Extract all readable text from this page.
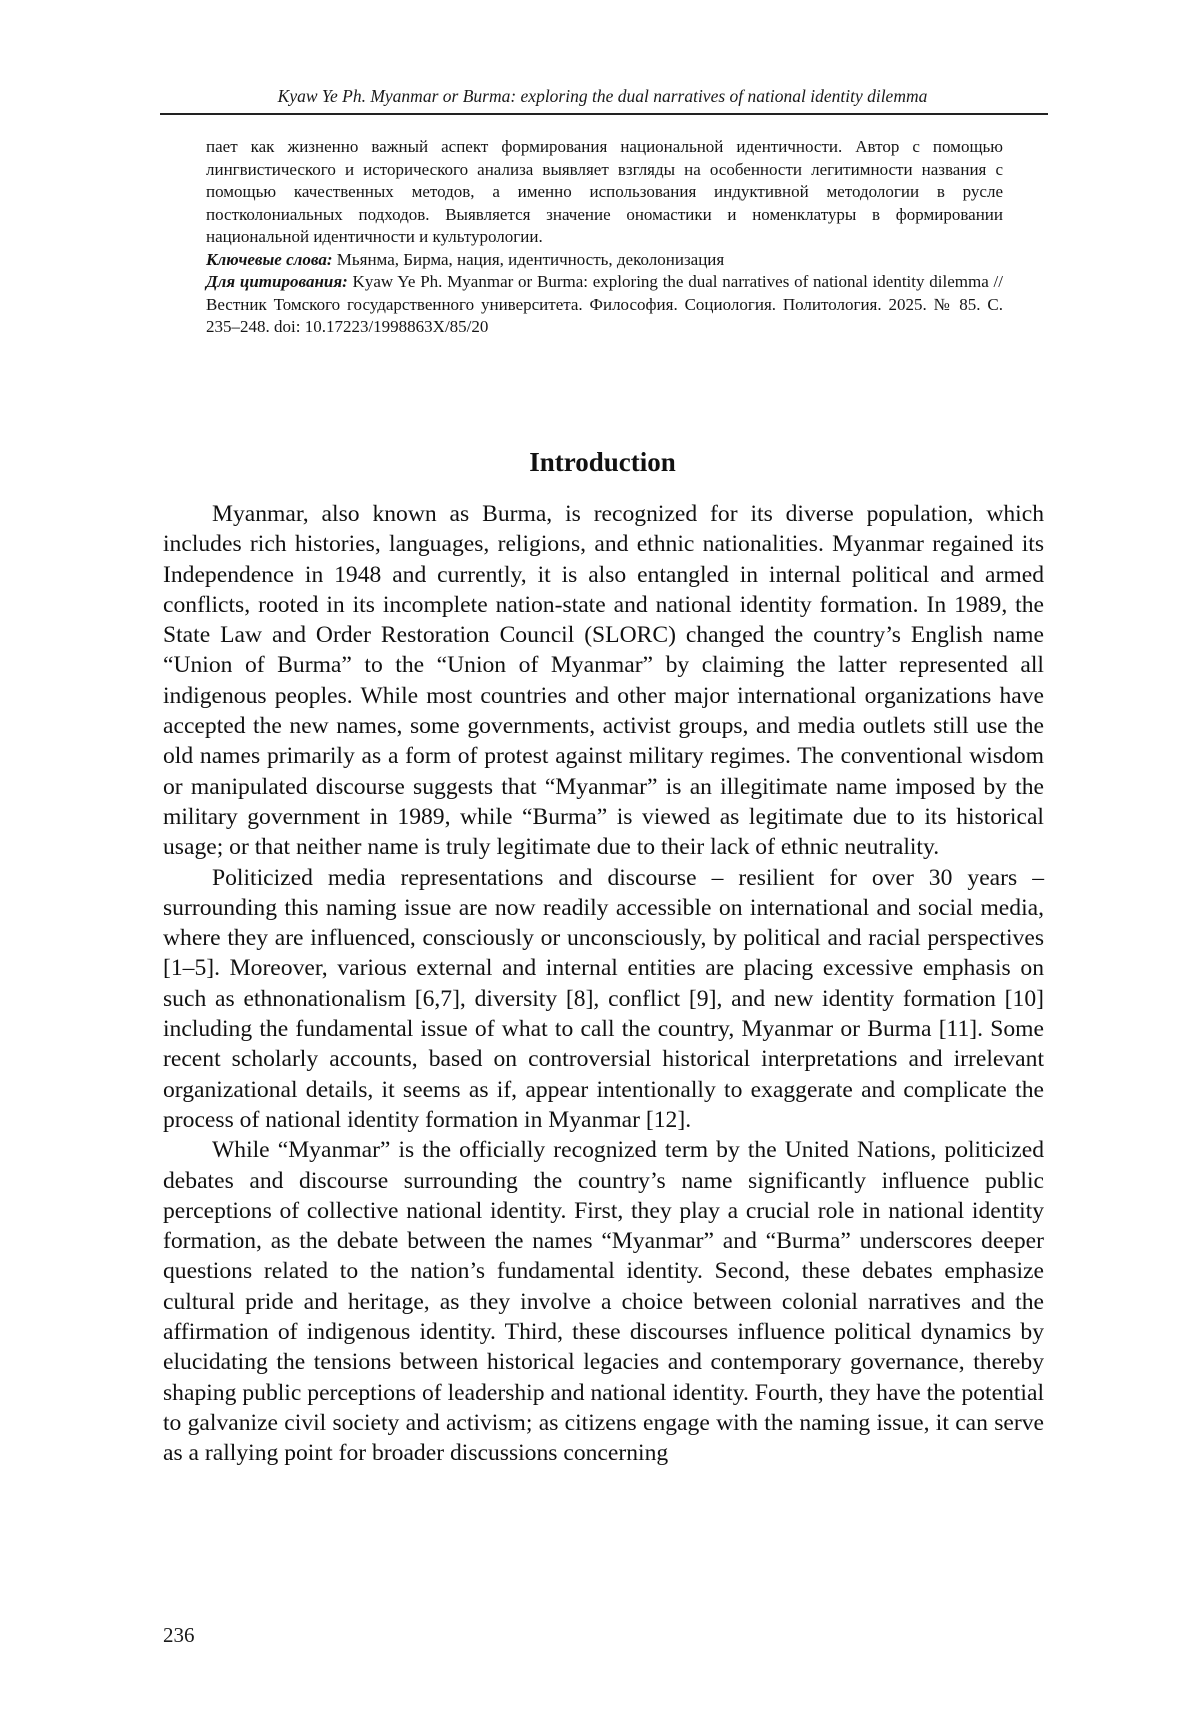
Kyaw Ye Ph. Myanmar or Burma: exploring the dual narratives of national identity dilemma

пает как жизненно важный аспект формирования национальной идентичности. Автор с помощью лингвистического и исторического анализа выявляет взгляды на особенности легитимности названия с помощью качественных методов, а именно использования индуктивной методологии в русле постколониальных подходов. Выявляется значение ономастики и номенклатуры в формировании национальной идентичности и культурологии.

Ключевые слова: Мьянма, Бирма, нация, идентичность, деколонизация

Для цитирования: Kyaw Ye Ph. Myanmar or Burma: exploring the dual narratives of national identity dilemma // Вестник Томского государственного университета. Философия. Социология. Политология. 2025. № 85. С. 235–248. doi: 10.17223/1998863X/85/20

Introduction

Myanmar, also known as Burma, is recognized for its diverse population, which includes rich histories, languages, religions, and ethnic nationalities. Myanmar regained its Independence in 1948 and currently, it is also entangled in internal political and armed conflicts, rooted in its incomplete nation-state and national identity formation. In 1989, the State Law and Order Restoration Council (SLORC) changed the country’s English name “Union of Burma” to the “Union of Myanmar” by claiming the latter represented all indigenous peoples. While most countries and other major international organizations have accepted the new names, some governments, activist groups, and media outlets still use the old names primarily as a form of protest against military regimes. The conventional wisdom or manipulated discourse suggests that “Myanmar” is an illegitimate name imposed by the military government in 1989, while “Burma” is viewed as legitimate due to its historical usage; or that neither name is truly legitimate due to their lack of ethnic neutrality.

Politicized media representations and discourse – resilient for over 30 years – surrounding this naming issue are now readily accessible on international and social media, where they are influenced, consciously or unconsciously, by political and racial perspectives [1–5]. Moreover, various external and internal entities are placing excessive emphasis on such as ethnonationalism [6,7], diversity [8], conflict [9], and new identity formation [10] including the fundamental issue of what to call the country, Myanmar or Burma [11]. Some recent scholarly accounts, based on controversial historical interpretations and irrelevant organizational details, it seems as if, appear intentionally to exaggerate and complicate the process of national identity formation in Myanmar [12].

While “Myanmar” is the officially recognized term by the United Nations, politicized debates and discourse surrounding the country’s name significantly influence public perceptions of collective national identity. First, they play a crucial role in national identity formation, as the debate between the names “Myanmar” and “Burma” underscores deeper questions related to the nation’s fundamental identity. Second, these debates emphasize cultural pride and heritage, as they involve a choice between colonial narratives and the affirmation of indigenous identity. Third, these discourses influence political dynamics by elucidating the tensions between historical legacies and contemporary governance, thereby shaping public perceptions of leadership and national identity. Fourth, they have the potential to galvanize civil society and activism; as citizens engage with the naming issue, it can serve as a rallying point for broader discussions concerning

236
